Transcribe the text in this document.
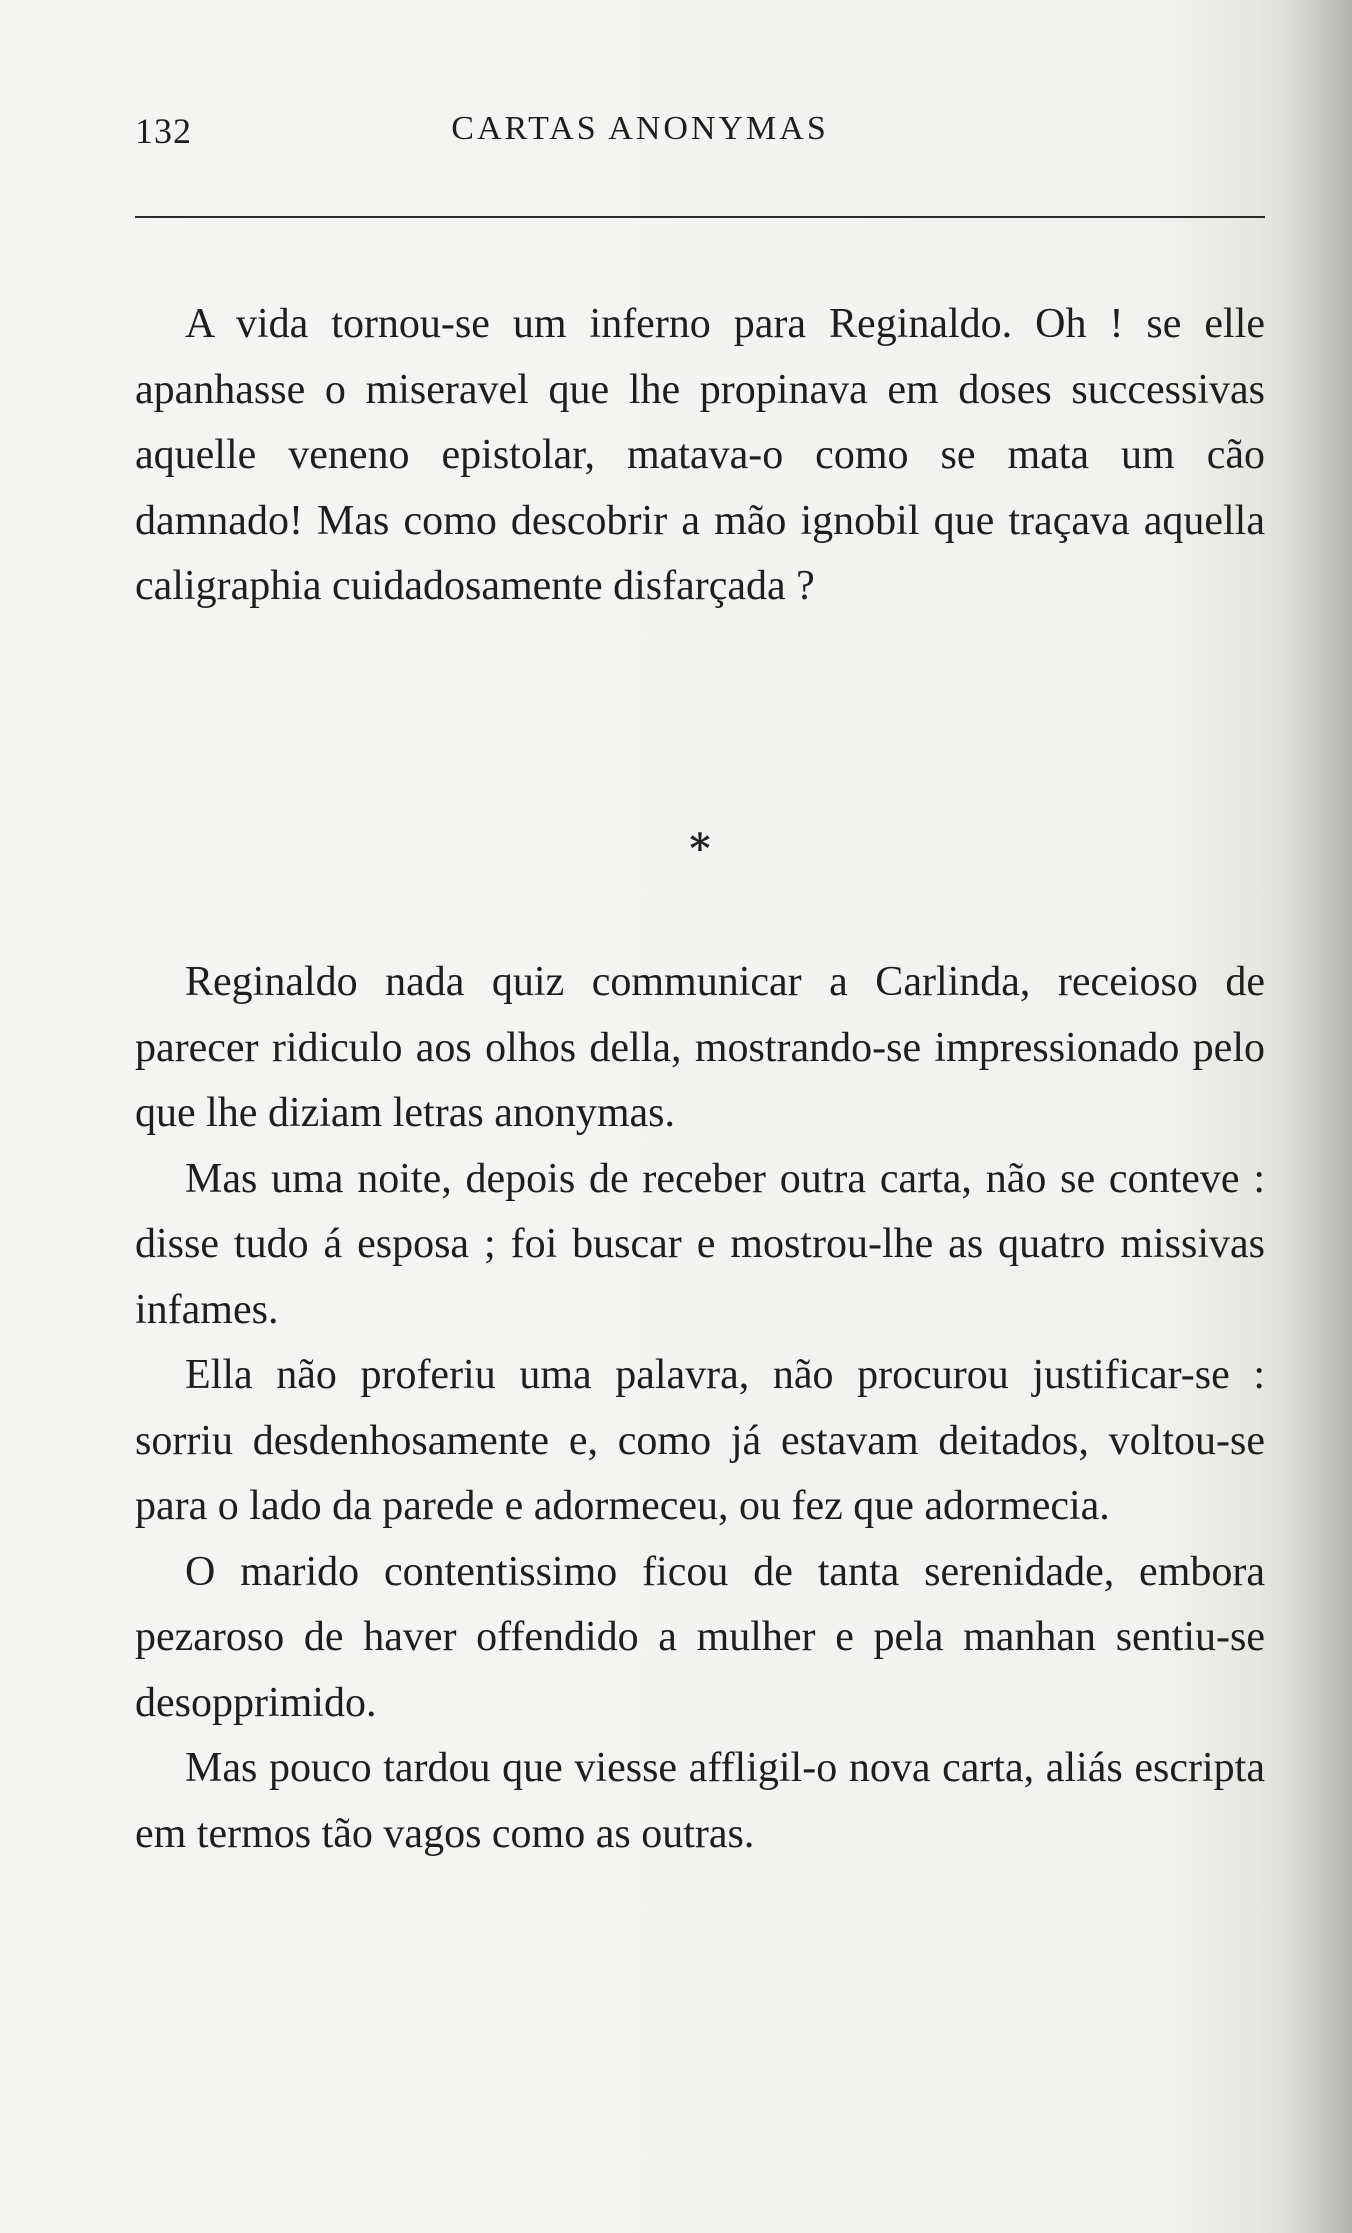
132	CARTAS ANONYMAS

A vida tornou-se um inferno para Reginaldo. Oh ! se elle apanhasse o miseravel que lhe propinava em doses successivas aquelle veneno epistolar, matava-o como se mata um cão damnado! Mas como descobrir a mão ignobil que traçava aquella caligraphia cuidadosamente disfarçada ?

*

Reginaldo nada quiz communicar a Carlinda, receioso de parecer ridiculo aos olhos della, mostrando-se impressionado pelo que lhe diziam letras anonymas.

Mas uma noite, depois de receber outra carta, não se conteve : disse tudo á esposa ; foi buscar e mostrou-lhe as quatro missivas infames.

Ella não proferiu uma palavra, não procurou justificar-se : sorriu desdenhosamente e, como já estavam deitados, voltou-se para o lado da parede e adormeceu, ou fez que adormecia.

O marido contentissimo ficou de tanta serenidade, embora pezaroso de haver offendido a mulher e pela manhan sentiu-se desopprimido.

Mas pouco tardou que viesse affligil-o nova carta, aliás escripta em termos tão vagos como as outras.
